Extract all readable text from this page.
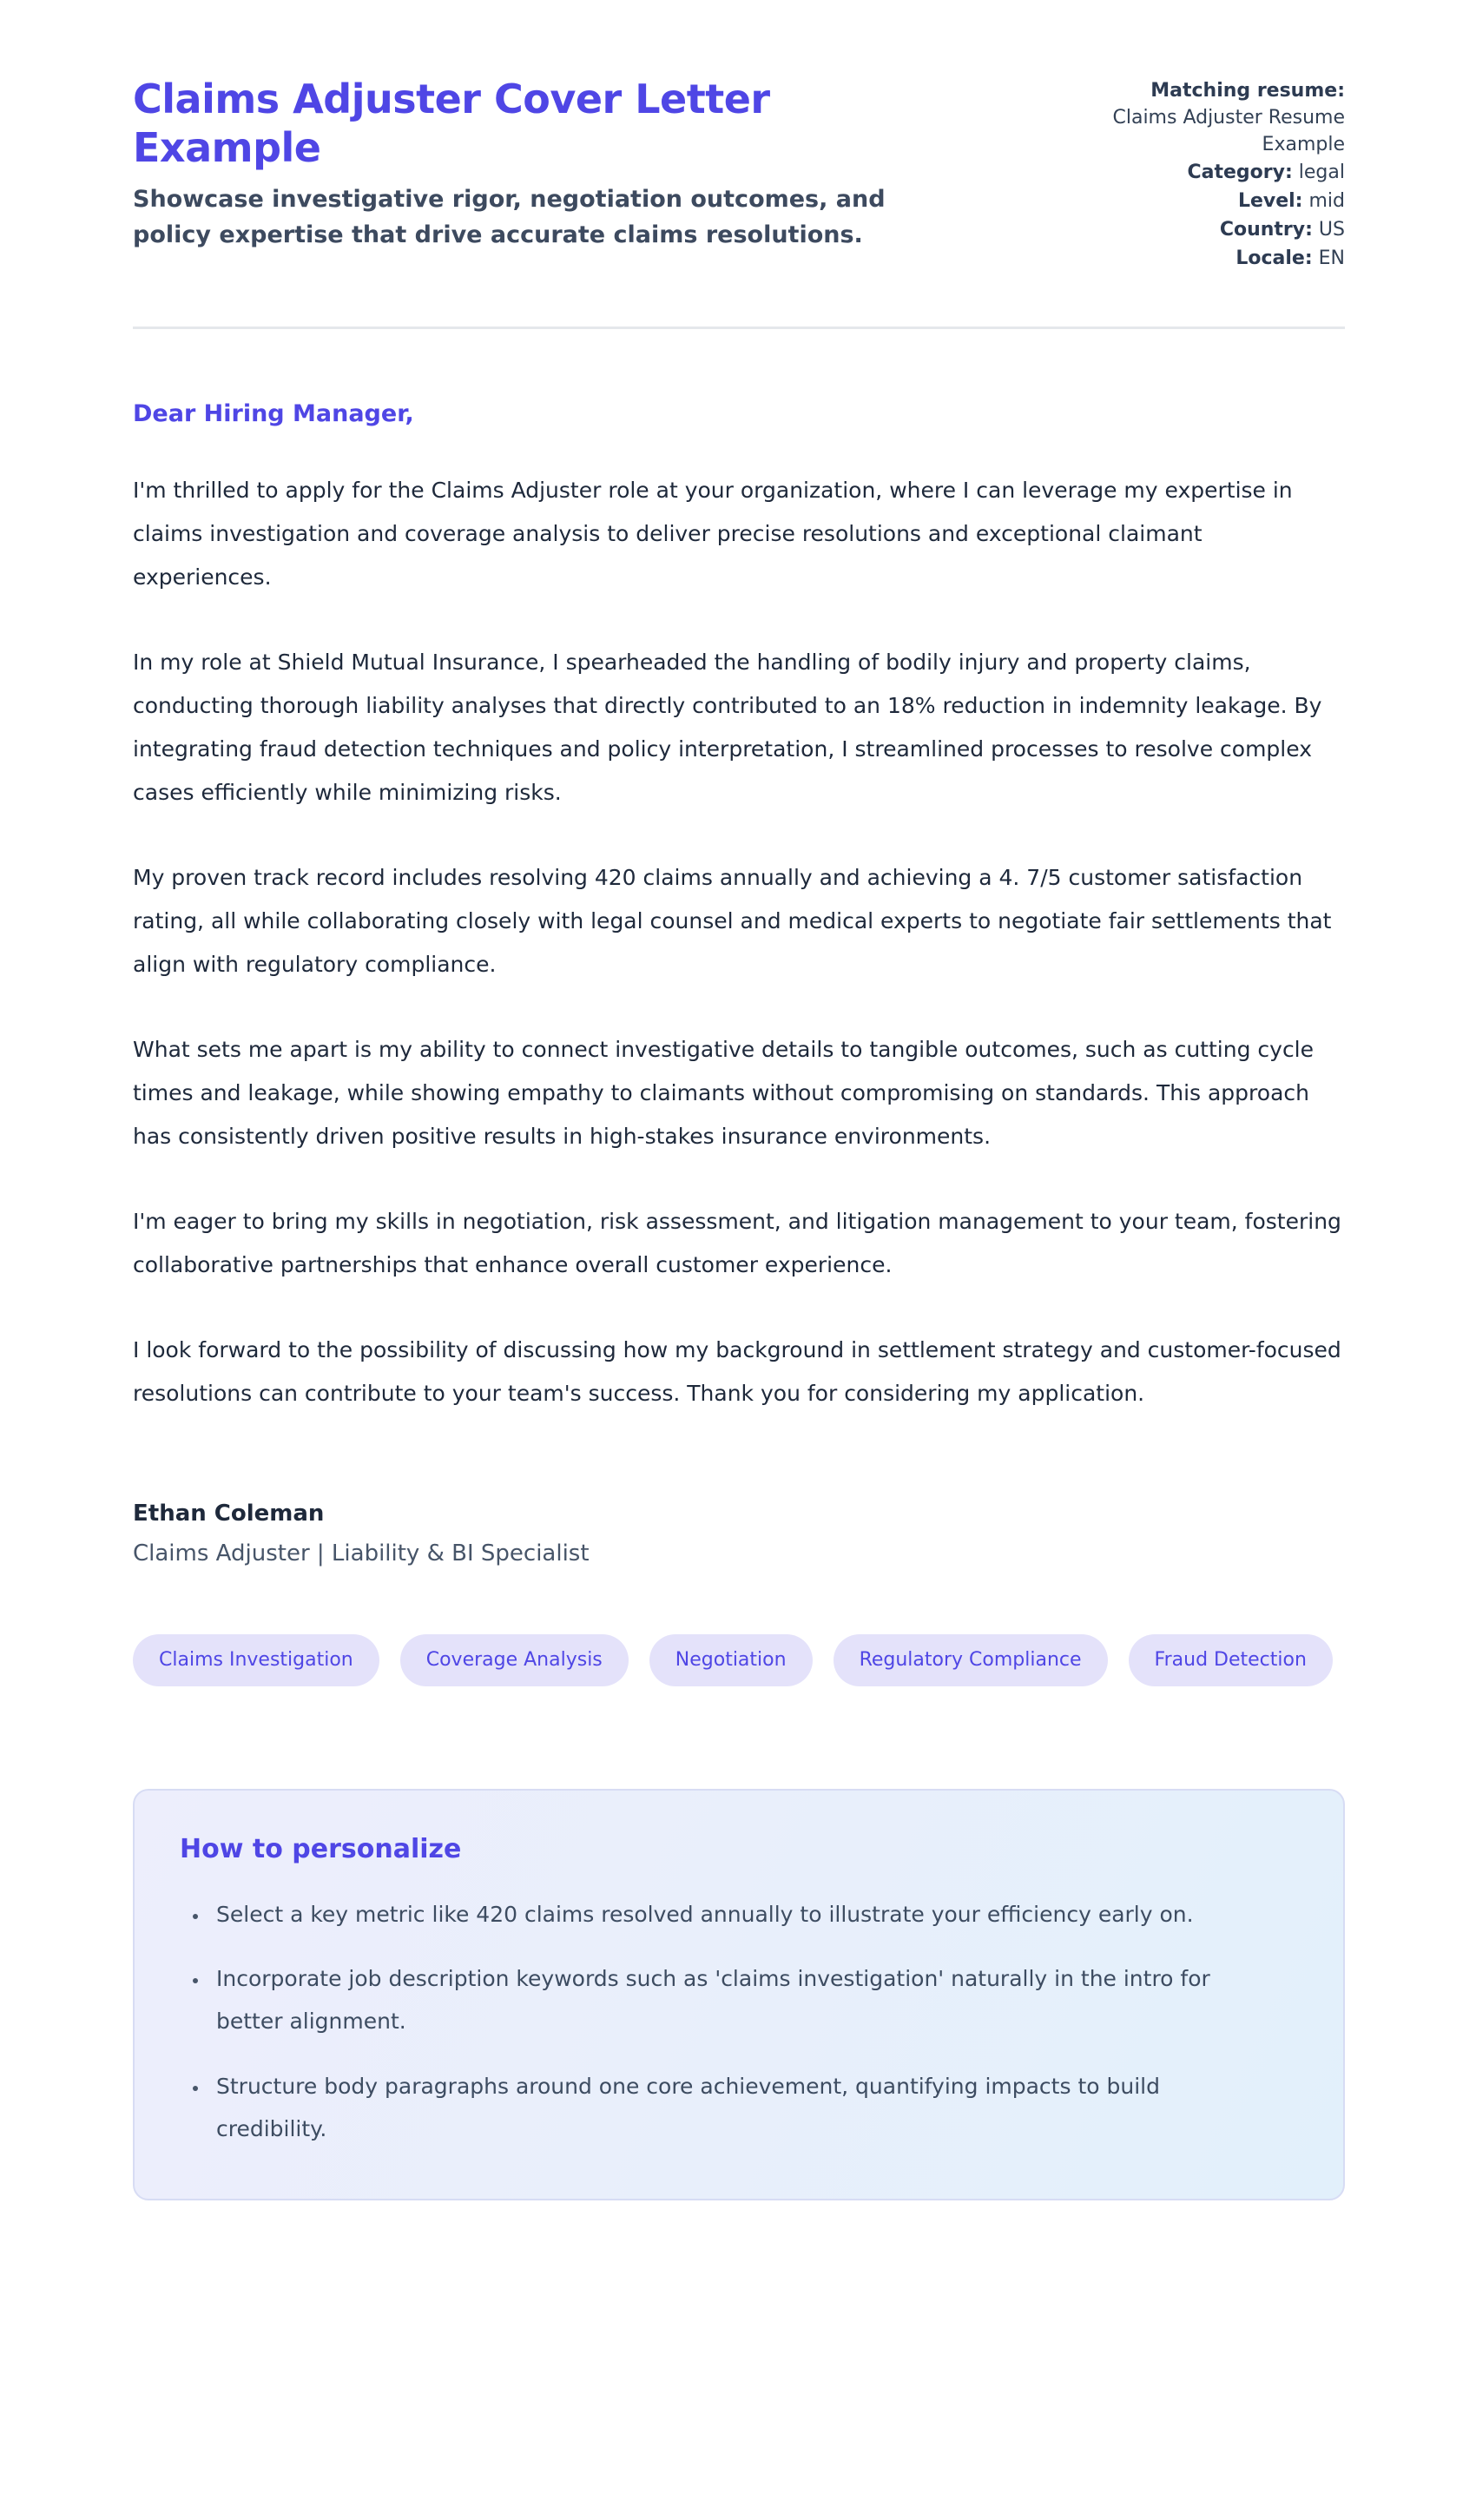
Claims Adjuster Cover Letter Example

Showcase investigative rigor, negotiation outcomes, and policy expertise that drive accurate claims resolutions.

Matching resume:
Claims Adjuster Resume Example
Category: legal
Level: mid
Country: US
Locale: EN

Dear Hiring Manager,

I'm thrilled to apply for the Claims Adjuster role at your organization, where I can leverage my expertise in claims investigation and coverage analysis to deliver precise resolutions and exceptional claimant experiences.

In my role at Shield Mutual Insurance, I spearheaded the handling of bodily injury and property claims, conducting thorough liability analyses that directly contributed to an 18% reduction in indemnity leakage. By integrating fraud detection techniques and policy interpretation, I streamlined processes to resolve complex cases efficiently while minimizing risks.

My proven track record includes resolving 420 claims annually and achieving a 4. 7/5 customer satisfaction rating, all while collaborating closely with legal counsel and medical experts to negotiate fair settlements that align with regulatory compliance.

What sets me apart is my ability to connect investigative details to tangible outcomes, such as cutting cycle times and leakage, while showing empathy to claimants without compromising on standards. This approach has consistently driven positive results in high-stakes insurance environments.

I'm eager to bring my skills in negotiation, risk assessment, and litigation management to your team, fostering collaborative partnerships that enhance overall customer experience.

I look forward to the possibility of discussing how my background in settlement strategy and customer-focused resolutions can contribute to your team's success. Thank you for considering my application.

Ethan Coleman

Claims Adjuster | Liability & BI Specialist

Claims Investigation	Coverage Analysis	Negotiation	Regulatory Compliance	Fraud Detection
How to personalize
• Select a key metric like 420 claims resolved annually to illustrate your efficiency early on.
• Incorporate job description keywords such as 'claims investigation' naturally in the intro for better alignment.
• Structure body paragraphs around one core achievement, quantifying impacts to build credibility.
